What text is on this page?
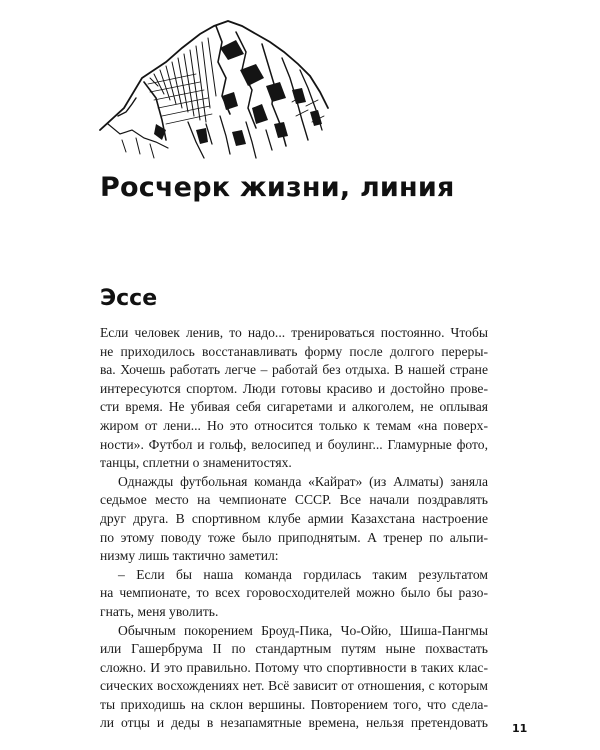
Росчерк жизни, линия
Эссе
Если человек ленив, то надо... тренироваться постоянно. Чтобы
не приходилось восстанавливать форму после долгого переры-
ва. Хочешь работать легче – работай без отдыха. В нашей стране
интересуются спортом. Люди готовы красиво и достойно прове-
сти время. Не убивая себя сигаретами и алкоголем, не оплывая
жиром от лени... Но это относится только к темам «на поверх-
ности». Футбол и гольф, велосипед и боулинг... Гламурные фото,
танцы, сплетни о знаменитостях.
Однажды футбольная команда «Кайрат» (из Алматы) заняла
седьмое место на чемпионате СССР. Все начали поздравлять
друг друга. В спортивном клубе армии Казахстана настроение
по этому поводу тоже было приподнятым. А тренер по альпи-
низму лишь тактично заметил:
– Если бы наша команда гордилась таким результатом
на чемпионате, то всех горовосходителей можно было бы разо-
гнать, меня уволить.
Обычным покорением Броуд-Пика, Чо-Ойю, Шиша-Пангмы
или Гашербрума II по стандартным путям ныне похвастать
сложно. И это правильно. Потому что спортивности в таких клас-
сических восхождениях нет. Всё зависит от отношения, с которым
ты приходишь на склон вершины. Повторением того, что сдела-
ли отцы и деды в незапамятные времена, нельзя претендовать 11
